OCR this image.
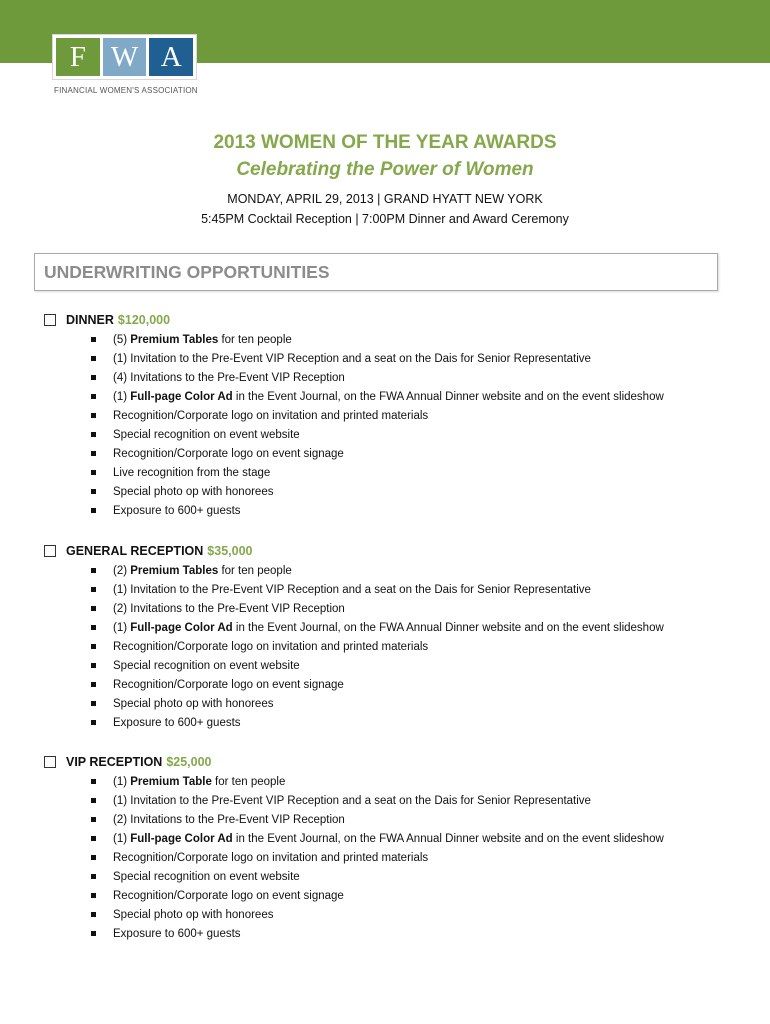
F W A
FINANCIAL WOMEN'S ASSOCIATION
2013 WOMEN OF THE YEAR AWARDS
Celebrating the Power of Women
MONDAY, APRIL 29, 2013 | GRAND HYATT NEW YORK
5:45PM Cocktail Reception | 7:00PM Dinner and Award Ceremony
UNDERWRITING OPPORTUNITIES
DINNER $120,000
(5) Premium Tables for ten people
(1) Invitation to the Pre-Event VIP Reception and a seat on the Dais for Senior Representative
(4) Invitations to the Pre-Event VIP Reception
(1) Full-page Color Ad in the Event Journal, on the FWA Annual Dinner website and on the event slideshow
Recognition/Corporate logo on invitation and printed materials
Special recognition on event website
Recognition/Corporate logo on event signage
Live recognition from the stage
Special photo op with honorees
Exposure to 600+ guests
GENERAL RECEPTION $35,000
(2) Premium Tables for ten people
(1) Invitation to the Pre-Event VIP Reception and a seat on the Dais for Senior Representative
(2) Invitations to the Pre-Event VIP Reception
(1) Full-page Color Ad in the Event Journal, on the FWA Annual Dinner website and on the event slideshow
Recognition/Corporate logo on invitation and printed materials
Special recognition on event website
Recognition/Corporate logo on event signage
Special photo op with honorees
Exposure to 600+ guests
VIP RECEPTION $25,000
(1) Premium Table for ten people
(1) Invitation to the Pre-Event VIP Reception and a seat on the Dais for Senior Representative
(2) Invitations to the Pre-Event VIP Reception
(1) Full-page Color Ad in the Event Journal, on the FWA Annual Dinner website and on the event slideshow
Recognition/Corporate logo on invitation and printed materials
Special recognition on event website
Recognition/Corporate logo on event signage
Special photo op with honorees
Exposure to 600+ guests
